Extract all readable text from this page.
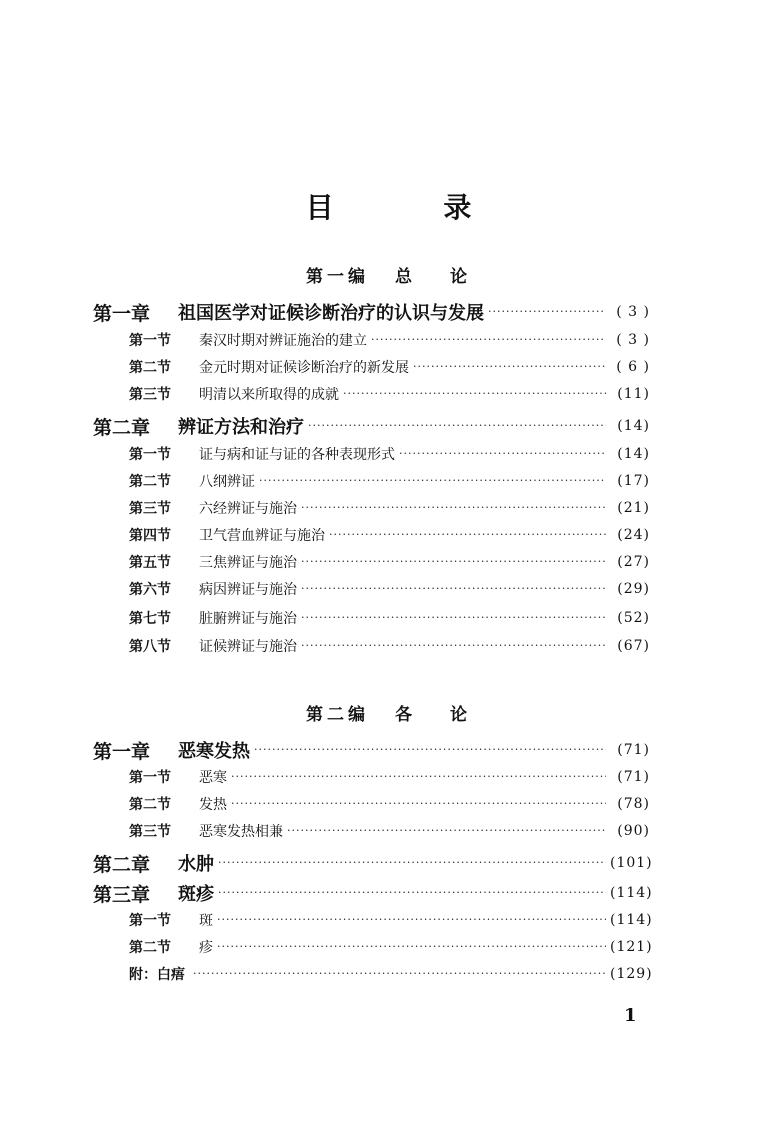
目 录
第一编 总 论
第一章	祖国医学对证候诊断治疗的认识与发展 ·····	( 3 )
第一节	秦汉时期对辨证施治的建立 ·····	( 3 )
第二节	金元时期对证候诊断治疗的新发展 ·····	( 6 )
第三节	明清以来所取得的成就 ·····	(11)
第二章	辨证方法和治疗 ·····	(14)
第一节	证与病和证与证的各种表现形式 ·····	(14)
第二节	八纲辨证 ·····	(17)
第三节	六经辨证与施治 ·····	(21)
第四节	卫气营血辨证与施治 ·····	(24)
第五节	三焦辨证与施治 ·····	(27)
第六节	病因辨证与施治 ·····	(29)
第七节	脏腑辨证与施治 ·····	(52)
第八节	证候辨证与施治 ·····	(67)
第二编 各 论
第一章	恶寒发热 ·····	(71)
第一节	恶寒 ·····	(71)
第二节	发热 ·····	(78)
第三节	恶寒发热相兼 ·····	(90)
第二章	水肿 ·····	(101)
第三章	斑疹 ·····	(114)
第一节	斑 ·····	(114)
第二节	疹 ·····	(121)
附：白痦 ·····	(129)
1
